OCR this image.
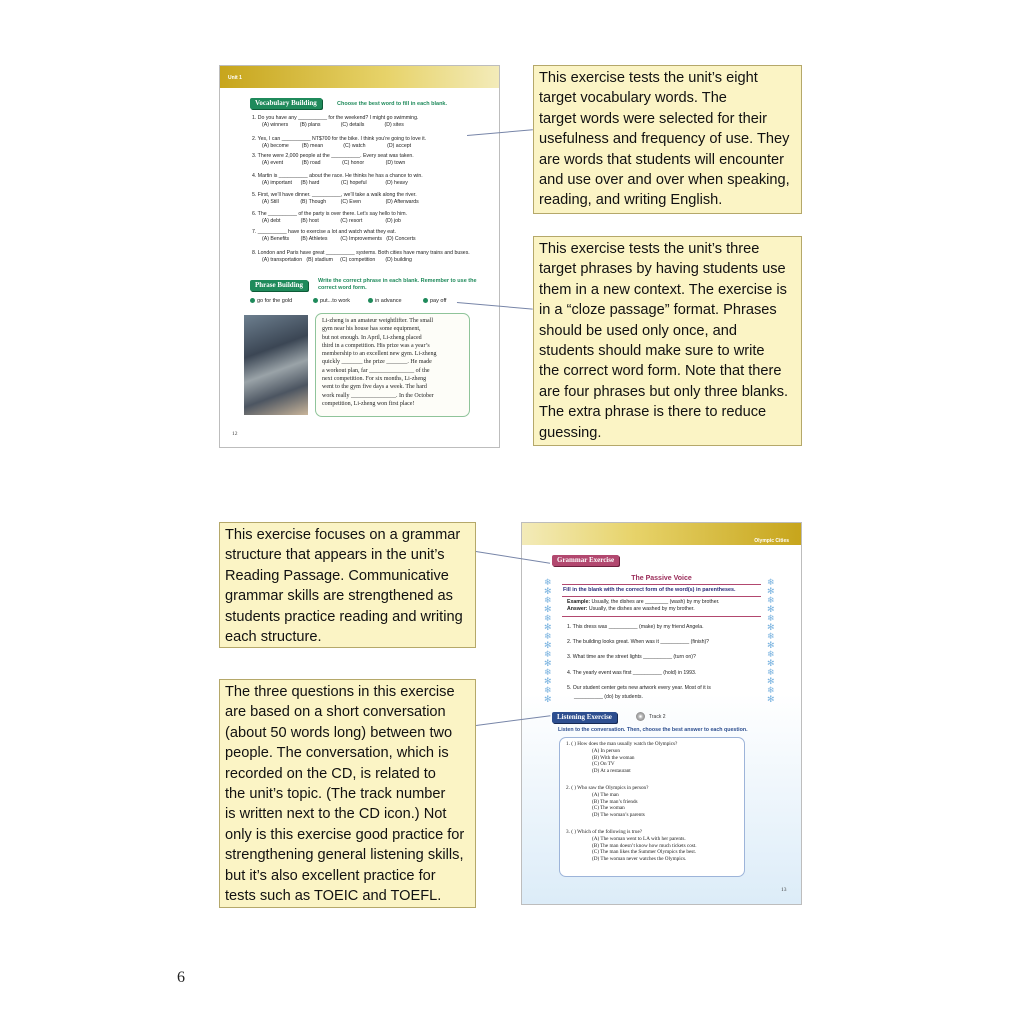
Unit 1
Vocabulary Building	Choose the best word to fill in each blank.
Phrase Building	Write the correct phrase in each blank. Remember to use the correct word form.
Li-zheng is an amateur weightlifter. The small
gym near his house has some equipment,
but not enough. In April, Li-zheng placed
third in a competition. His prize was a year’s
membership to an excellent new gym. Li-zheng
quickly _______ the prize _______. He made
a workout plan, far _______________ of the
next competition. For six months, Li-zheng
went to the gym five days a week. The hard
work really _______________. In the October
competition, Li-zheng won first place!
12
1. Do you have any __________ for the weekend? I might go swimming.
(A) winners        (B) plans              (C) details              (D) sites
2. Yes, I can __________ NT$700 for the bike. I think you’re going to love it.
(A) become         (B) mean              (C) watch               (D) accept
3. There were 2,000 people at the __________. Every seat was taken.
(A) event             (B) road               (C) honor               (D) town
4. Martin is __________ about the race. He thinks he has a chance to win.
(A) important      (B) hard               (C) hopeful             (D) heavy
5. First, we’ll have dinner. __________, we’ll take a walk along the river.
(A) Still               (B) Though          (C) Even                 (D) Afterwards
6. The __________ of the party is over there. Let’s say hello to him.
(A) debt              (B) host               (C) resort                (D) job
7. __________ have to exercise a lot and watch what they eat.
(A) Benefits        (B) Athletes         (C) Improvements   (D) Concerts
8. London and Paris have great __________ systems. Both cities have many trains and buses.
(A) transportation   (B) stadium     (C) competition       (D) building
go for the gold	put...to work	in advance	pay off
Olympic Cities
Grammar Exercise
❄
✻
❄
✻
❄
✻
❄
✻
❄
✻
❄
✻
❄
✻
❄
✻
❄
✻
❄
✻
❄
✻
❄
✻
❄
✻
❄
✻
The Passive Voice
Fill in the blank with the correct form of the word(s) in parentheses.
Example: Usually, the dishes are ________ (wash) by my brother.
Answer: Usually, the dishes are washed by my brother.
Listening Exercise	Track 2
Listen to the conversation. Then, choose the best answer to each question.
1. ( ) How does the man usually watch the Olympics?
(A) In person
(B) With the woman
(C) On TV
(D) At a restaurant
2. ( ) Who saw the Olympics in person?
(A) The man
(B) The man’s friends
(C) The woman
(D) The woman’s parents
3. ( ) Which of the following is true?
(A) The woman went to LA with her parents.
(B) The man doesn’t know how much tickets cost.
(C) The man likes the Summer Olympics the best.
(D) The woman never watches the Olympics.
13
1. This dress was __________ (make) by my friend Angela.
2. The building looks great. When was it __________ (finish)?
3. What time are the street lights __________ (turn on)?
4. The yearly event was first __________ (hold) in 1993.
5. Our student center gets new artwork every year. Most of it is
__________ (do) by students.
This exercise tests the unit’s eight
target vocabulary words. The
target words were selected for their
usefulness and frequency of use. They
are words that students will encounter
and use over and over when speaking,
reading, and writing English.
This exercise tests the unit’s three
target phrases by having students use
them in a new context. The exercise is
in a “cloze passage” format. Phrases
should be used only once, and
students should make sure to write
the correct word form. Note that there
are four phrases but only three blanks.
The extra phrase is there to reduce
guessing.
This exercise focuses on a grammar
structure that appears in the unit’s
Reading Passage. Communicative
grammar skills are strengthened as
students practice reading and writing
each structure.
The three questions in this exercise
are based on a short conversation
(about 50 words long) between two
people. The conversation, which is
recorded on the CD, is related to
the unit’s topic. (The track number
is written next to the CD icon.) Not
only is this exercise good practice for
strengthening general listening skills,
but it’s also excellent practice for
tests such as TOEIC and TOEFL.
6
